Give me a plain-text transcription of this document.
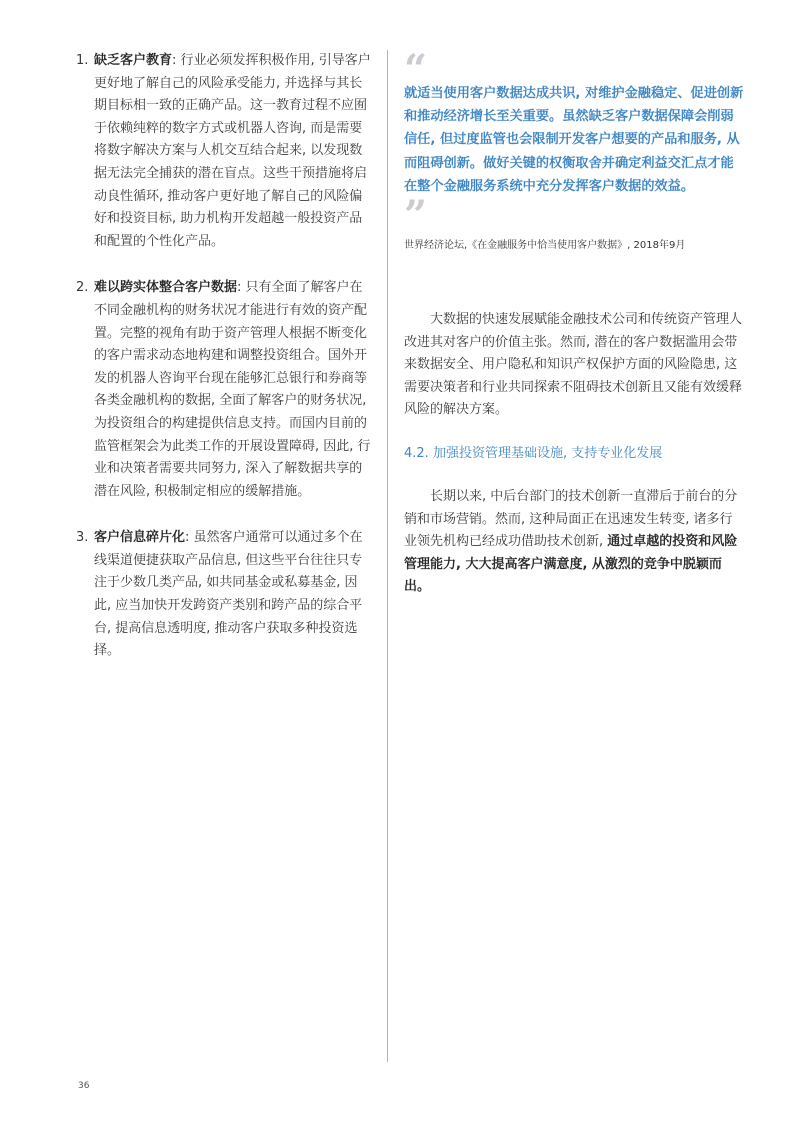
1. 缺乏客户教育: 行业必须发挥积极作用, 引导客户更好地了解自己的风险承受能力, 并选择与其长期目标相一致的正确产品。这一教育过程不应囿于依赖纯粹的数字方式或机器人咨询, 而是需要将数字解决方案与人机交互结合起来, 以发现数据无法完全捕获的潜在盲点。这些干预措施将启动良性循环, 推动客户更好地了解自己的风险偏好和投资目标, 助力机构开发超越一般投资产品和配置的个性化产品。
2. 难以跨实体整合客户数据: 只有全面了解客户在不同金融机构的财务状况才能进行有效的资产配置。完整的视角有助于资产管理人根据不断变化的客户需求动态地构建和调整投资组合。国外开发的机器人咨询平台现在能够汇总银行和券商等各类金融机构的数据, 全面了解客户的财务状况, 为投资组合的构建提供信息支持。而国内目前的监管框架会为此类工作的开展设置障碍, 因此, 行业和决策者需要共同努力, 深入了解数据共享的潜在风险, 积极制定相应的缓解措施。
3. 客户信息碎片化: 虽然客户通常可以通过多个在线渠道便捷获取产品信息, 但这些平台往往只专注于少数几类产品, 如共同基金或私募基金, 因此, 应当加快开发跨资产类别和跨产品的综合平台, 提高信息透明度, 推动客户获取多种投资选择。
“
就适当使用客户数据达成共识, 对维护金融稳定、促进创新和推动经济增长至关重要。虽然缺乏客户数据保障会削弱信任, 但过度监管也会限制开发客户想要的产品和服务, 从而阻碍创新。做好关键的权衡取舍并确定利益交汇点才能在整个金融服务系统中充分发挥客户数据的效益。
”
世界经济论坛,《在金融服务中恰当使用客户数据》, 2018年9月
大数据的快速发展赋能金融技术公司和传统资产管理人改进其对客户的价值主张。然而, 潜在的客户数据滥用会带来数据安全、用户隐私和知识产权保护方面的风险隐患, 这需要决策者和行业共同探索不阻碍技术创新且又能有效缓释风险的解决方案。
4.2. 加强投资管理基础设施, 支持专业化发展
长期以来, 中后台部门的技术创新一直滞后于前台的分销和市场营销。然而, 这种局面正在迅速发生转变, 诸多行业领先机构已经成功借助技术创新, 通过卓越的投资和风险管理能力, 大大提高客户满意度, 从激烈的竞争中脱颖而出。
36
